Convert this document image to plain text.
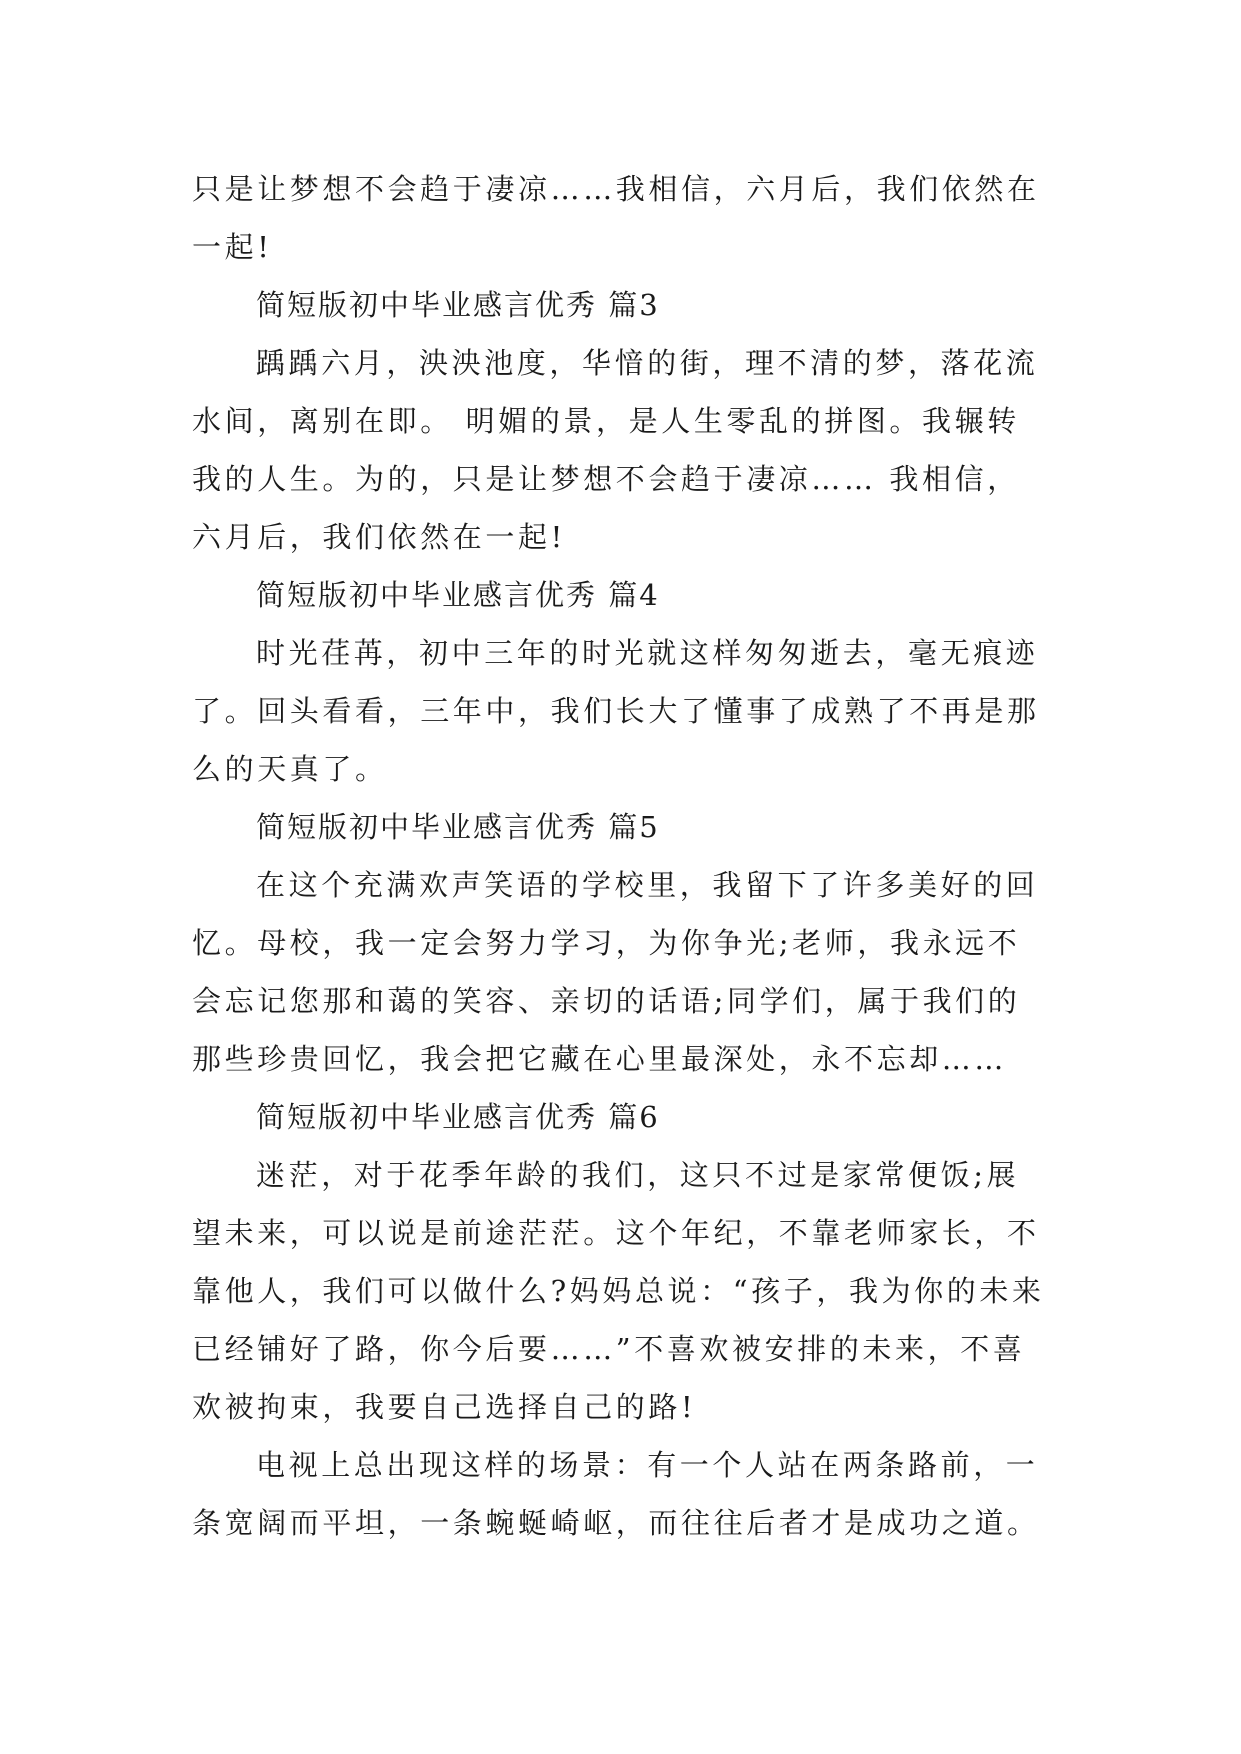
只是让梦想不会趋于凄凉……我相信，六月后，我们依然在
一起!
简短版初中毕业感言优秀 篇3
踽踽六月，泱泱池度，华愔的街，理不清的梦，落花流
水间，离别在即。 明媚的景，是人生零乱的拼图。我辗转
我的人生。为的，只是让梦想不会趋于凄凉…… 我相信，
六月后，我们依然在一起!
简短版初中毕业感言优秀 篇4
时光荏苒，初中三年的时光就这样匆匆逝去，毫无痕迹
了。回头看看，三年中，我们长大了懂事了成熟了不再是那
么的天真了。
简短版初中毕业感言优秀 篇5
在这个充满欢声笑语的学校里，我留下了许多美好的回
忆。母校，我一定会努力学习，为你争光;老师，我永远不
会忘记您那和蔼的笑容、亲切的话语;同学们，属于我们的
那些珍贵回忆，我会把它藏在心里最深处，永不忘却……
简短版初中毕业感言优秀 篇6
迷茫，对于花季年龄的我们，这只不过是家常便饭;展
望未来，可以说是前途茫茫。这个年纪，不靠老师家长，不
靠他人，我们可以做什么?妈妈总说：“孩子，我为你的未来
已经铺好了路，你今后要……”不喜欢被安排的未来，不喜
欢被拘束，我要自己选择自己的路!
电视上总出现这样的场景：有一个人站在两条路前，一
条宽阔而平坦，一条蜿蜒崎岖，而往往后者才是成功之道。
